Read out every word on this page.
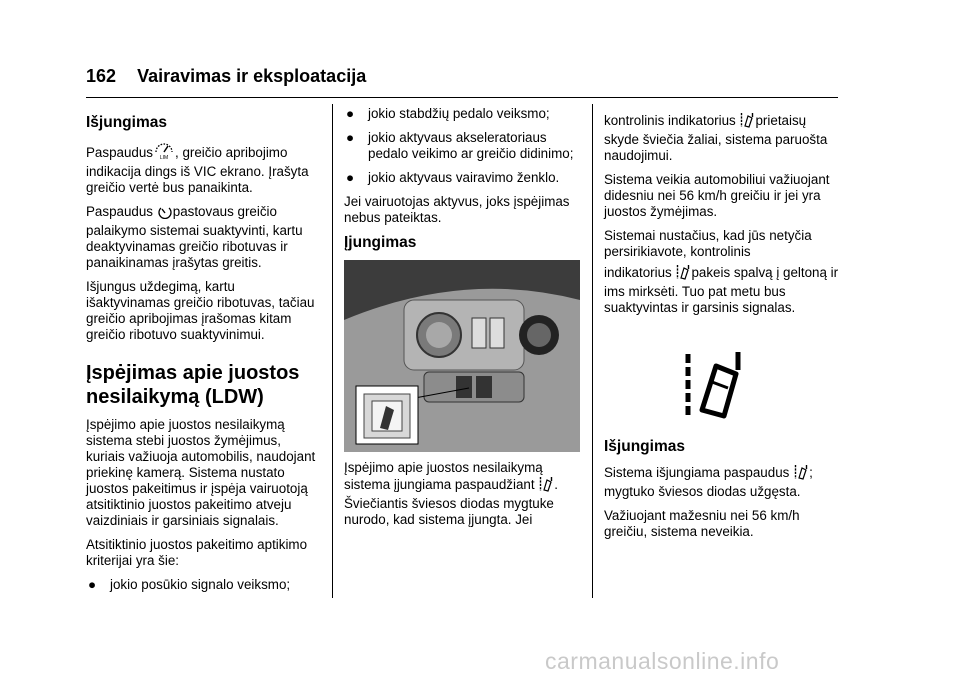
162 Vairavimas ir eksploatacija
Išjungimas

Paspaudus LIM , greičio apribojimo indikacija dings iš VIC ekrano. Įrašyta greičio vertė bus panaikinta.

Paspaudus pastovaus greičio palaikymo sistemai suaktyvinti, kartu deaktyvinamas greičio ribotuvas ir panaikinamas įrašytas greitis.

Išjungus uždegimą, kartu išaktyvinamas greičio ribotuvas, tačiau greičio apribojimas įrašomas kitam greičio ribotuvo suaktyvinimui.

Įspėjimas apie juostos nesilaikymą (LDW)

Įspėjimo apie juostos nesilaikymą sistema stebi juostos žymėjimus, kuriais važiuoja automobilis, naudojant priekinę kamerą. Sistema nustato juostos pakeitimus ir įspėja vairuotoją atsitiktinio juostos pakeitimo atveju vaizdiniais ir garsiniais signalais.

Atsitiktinio juostos pakeitimo aptikimo kriterijai yra šie:

●	jokio posūkio signalo veiksmo;
●	jokio stabdžių pedalo veiksmo;
●	jokio aktyvaus akseleratoriaus pedalo veikimo ar greičio didinimo;
●	jokio aktyvaus vairavimo ženklo.

Jei vairuotojas aktyvus, joks įspėjimas nebus pateiktas.

Įjungimas

Įspėjimo apie juostos nesilaikymą sistema įjungiama paspaudžiant . Šviečiantis šviesos diodas mygtuke nurodo, kad sistema įjungta. Jei

kontrolinis indikatorius prietaisų skyde šviečia žaliai, sistema paruošta naudojimui.

Sistema veikia automobiliui važiuojant didesniu nei 56 km/h greičiu ir jei yra juostos žymėjimas.

Sistemai nustačius, kad jūs netyčia persirikiavote, kontrolinis

indikatorius pakeis spalvą į geltoną ir ims mirksėti. Tuo pat metu bus suaktyvintas ir garsinis signalas.

Išjungimas

Sistema išjungiama paspaudus ; mygtuko šviesos diodas užgęsta.

Važiuojant mažesniu nei 56 km/h greičiu, sistema neveikia.

carmanualsonline.info
